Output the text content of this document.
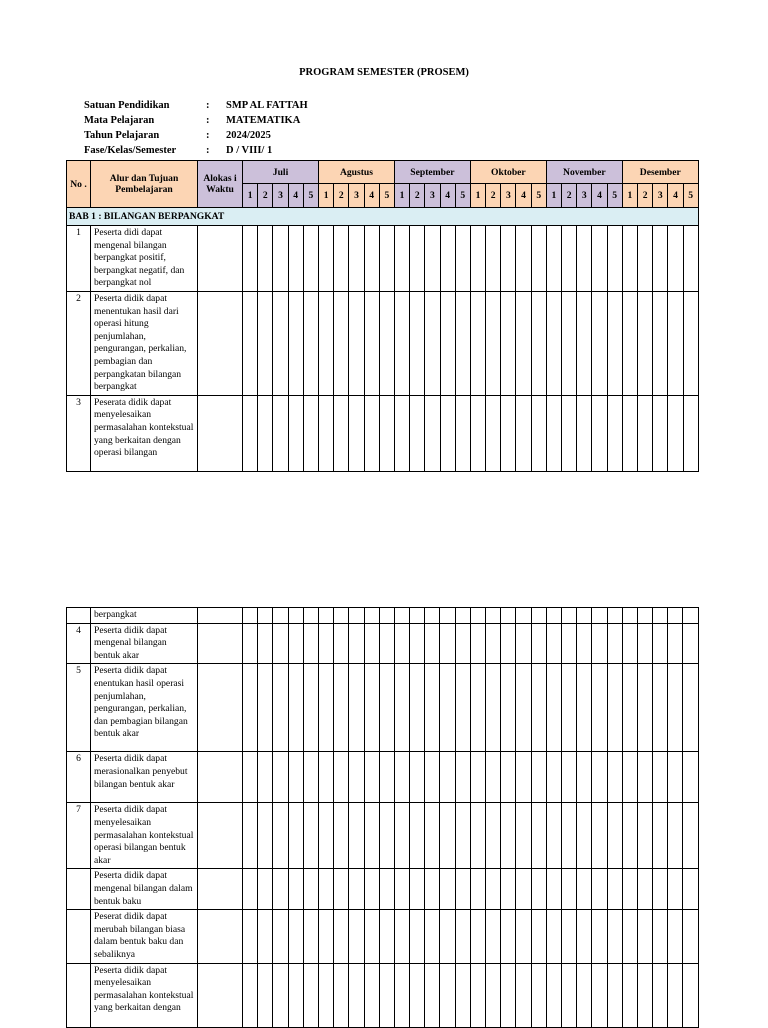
PROGRAM SEMESTER (PROSEM)
Satuan Pendidikan	:	SMP AL FATTAH
Mata Pelajaran	:	MATEMATIKA
Tahun Pelajaran	:	2024/2025
Fase/Kelas/Semester	:	D / VIII/ 1
No .	Alur dan Tujuan Pembelajaran	Alokas i Waktu	Juli					Agustus					September					Oktober					November					Desember				
			1	2	3	4	5	1	2	3	4	5	1	2	3	4	5	1	2	3	4	5	1	2	3	4	5	1	2	3	4	5
BAB 1 : BILANGAN BERPANGKAT																																
1	Peserta didi dapat mengenal bilangan berpangkat positif, berpangkat negatif, dan berpangkat nol																															
2	Peserta didik dapat menentukan hasil dari operasi hitung penjumlahan, pengurangan, perkalian, pembagian dan perpangkatan bilangan berpangkat																															
3	Peserata didik dapat menyelesaikan permasalahan kontekstual yang berkaitan dengan operasi bilangan																															
	berpangkat																															
4	Peserta didik dapat mengenal bilangan bentuk akar																															
5	Peserta didik dapat enentukan hasil operasi penjumlahan, pengurangan, perkalian, dan pembagian bilangan bentuk akar																															
6	Peserta didik dapat merasionalkan penyebut bilangan bentuk akar																															
7	Peserta didik dapat menyelesaikan permasalahan kontekstual operasi bilangan bentuk akar																															
	Peserta didik dapat mengenal bilangan dalam bentuk baku																															
	Peserat didik dapat merubah bilangan biasa dalam bentuk baku dan sebaliknya																															
	Peserta didik dapat menyelesaikan permasalahan kontekstual yang berkaitan dengan																															
